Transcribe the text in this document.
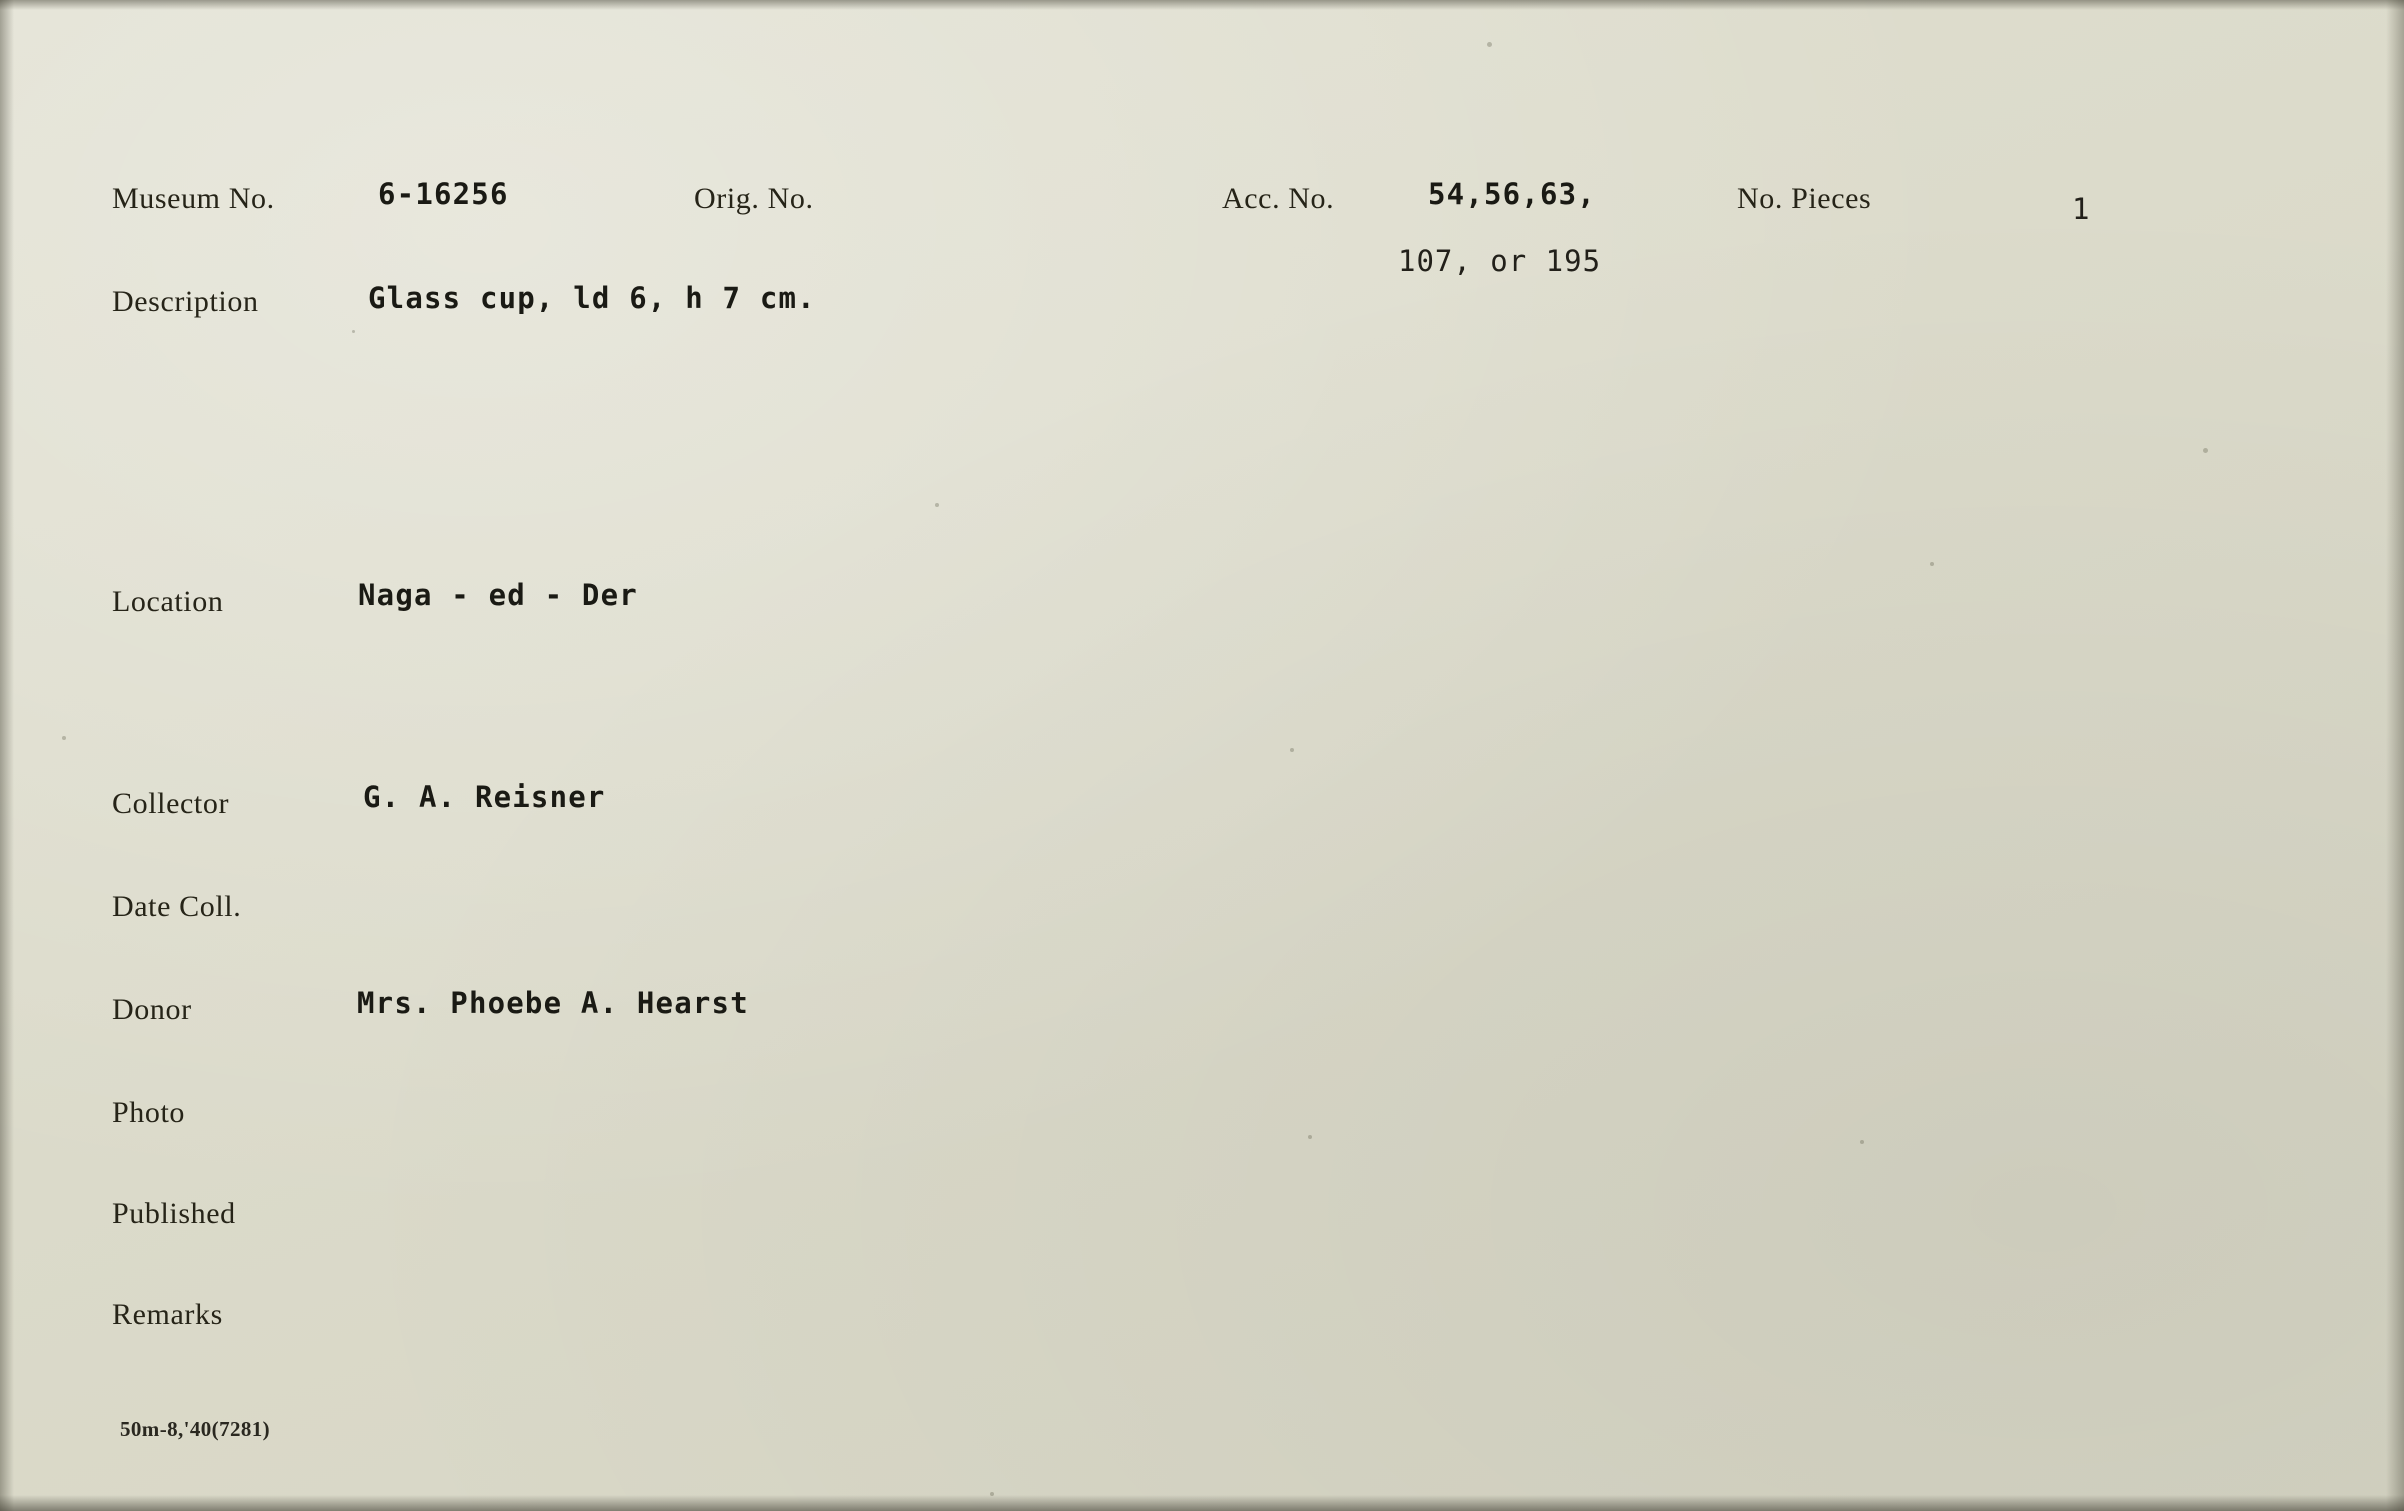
Museum No.	6-16256	Orig. No.	Acc. No.	54,56,63,
107, or 195
No. Pieces	1
Description	Glass cup, ld 6, h 7 cm.
Location	Naga - ed - Der
Collector	G. A. Reisner
Date Coll.
Donor	Mrs. Phoebe A. Hearst
Photo
Published
Remarks
50m-8,'40(7281)
